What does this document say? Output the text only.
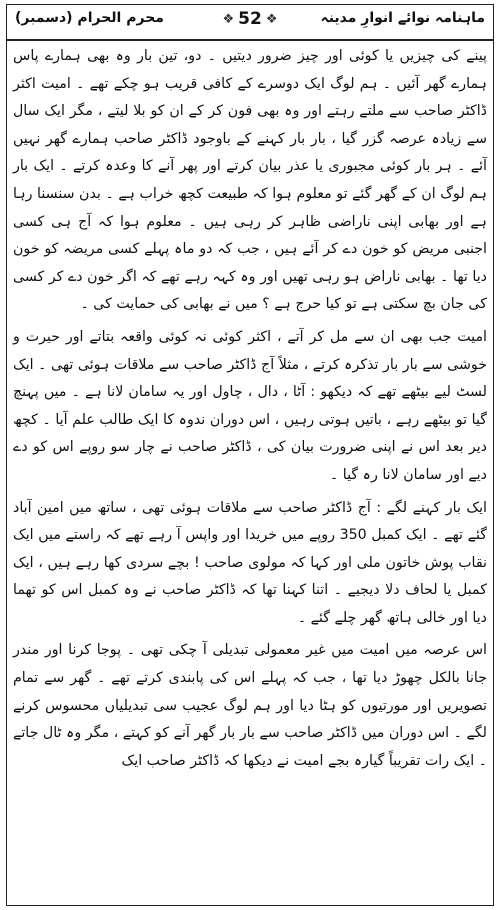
ماہنامہ نوائے انوارِ مدینہ
❖ 52 ❖
محرم الحرام (دسمبر)

پینے کی چیزیں یا کوئی اور چیز ضرور دیتیں ۔ دو، تین بار وہ بھی ہمارے پاس ہمارے گھر آئیں ۔ ہم لوگ ایک دوسرے کے کافی قریب ہو چکے تھے ۔ امیت اکثر ڈاکٹر صاحب سے ملتے رہتے اور وہ بھی فون کر کے ان کو بلا لیتے ، مگر ایک سال سے زیادہ عرصہ گزر گیا ، بار بار کہنے کے باوجود ڈاکٹر صاحب ہمارے گھر نہیں آئے ۔ ہر بار کوئی مجبوری یا عذر بیان کرتے اور پھر آنے کا وعدہ کرتے ۔ ایک بار ہم لوگ ان کے گھر گئے تو معلوم ہوا کہ طبیعت کچھ خراب ہے ۔ بدن سنسنا رہا ہے اور بھابی اپنی ناراضی ظاہر کر رہی ہیں ۔ معلوم ہوا کہ آج ہی کسی اجنبی مریض کو خون دے کر آئے ہیں ، جب کہ دو ماہ پہلے کسی مریضہ کو خون دیا تھا ۔ بھابی ناراض ہو رہی تھیں اور وہ کہہ رہے تھے کہ اگر خون دے کر کسی کی جان بچ سکتی ہے تو کیا حرج ہے ؟ میں نے بھابی کی حمایت کی ۔

امیت جب بھی ان سے مل کر آتے ، اکثر کوئی نہ کوئی واقعہ بتاتے اور حیرت و خوشی سے بار بار تذکرہ کرتے ، مثلاً آج ڈاکٹر صاحب سے ملاقات ہوئی تھی ۔ ایک لسٹ لیے بیٹھے تھے کہ دیکھو : آٹا ، دال ، چاول اور یہ سامان لانا ہے ۔ میں پہنچ گیا تو بیٹھے رہے ، باتیں ہوتی رہیں ، اس دوران ندوہ کا ایک طالب علم آیا ۔ کچھ دیر بعد اس نے اپنی ضرورت بیان کی ، ڈاکٹر صاحب نے چار سو روپے اس کو دے دیے اور سامان لانا رہ گیا ۔

ایک بار کہنے لگے : آج ڈاکٹر صاحب سے ملاقات ہوئی تھی ، ساتھ میں امین آباد گئے تھے ۔ ایک کمبل 350 روپے میں خریدا اور واپس آ رہے تھے کہ راستے میں ایک نقاب پوش خاتون ملی اور کہا کہ مولوی صاحب ! بچے سردی کھا رہے ہیں ، ایک کمبل یا لحاف دلا دیجیے ۔ اتنا کہنا تھا کہ ڈاکٹر صاحب نے وہ کمبل اس کو تھما دیا اور خالی ہاتھ گھر چلے گئے ۔

اس عرصہ میں امیت میں غیر معمولی تبدیلی آ چکی تھی ۔ پوجا کرنا اور مندر جانا بالکل چھوڑ دیا تھا ، جب کہ پہلے اس کی پابندی کرتے تھے ۔ گھر سے تمام تصویریں اور مورتیوں کو ہٹا دیا اور ہم لوگ عجیب سی تبدیلیاں محسوس کرنے لگے ۔ اس دوران میں ڈاکٹر صاحب سے بار بار گھر آنے کو کہتے ، مگر وہ ٹال جاتے ۔ ایک رات تقریباً گیارہ بجے امیت نے دیکھا کہ ڈاکٹر صاحب ایک
